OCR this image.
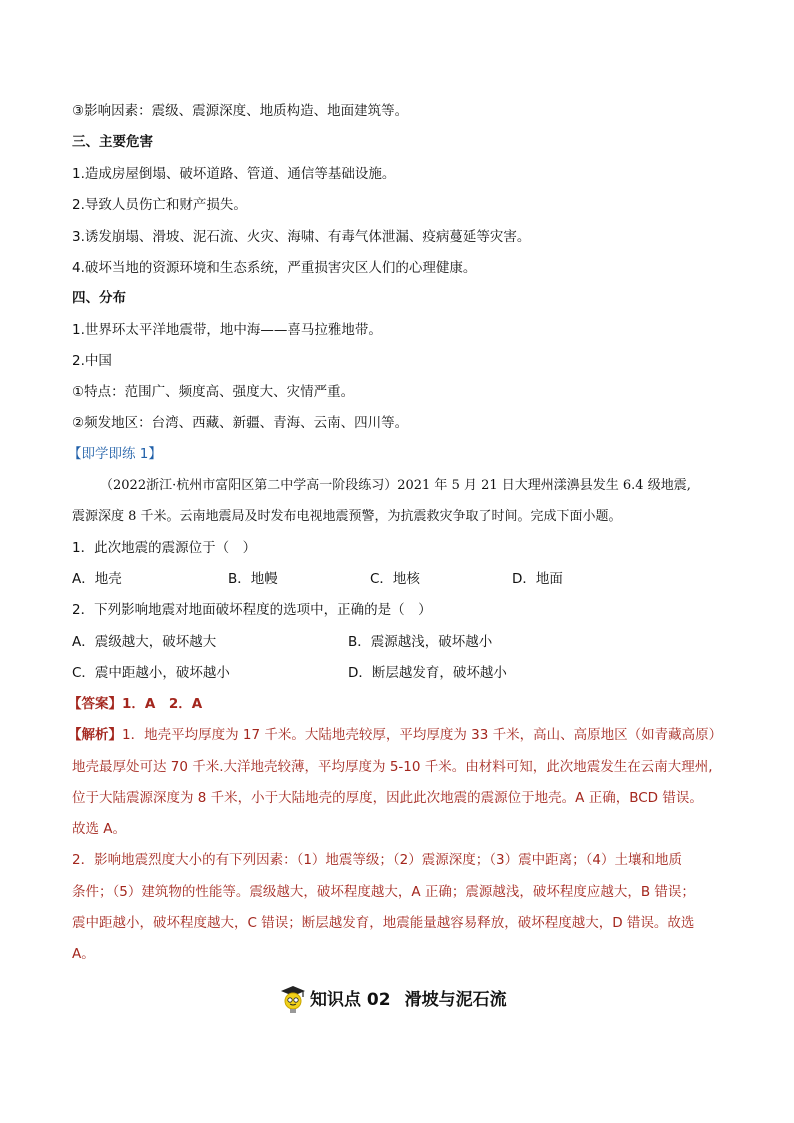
③影响因素：震级、震源深度、地质构造、地面建筑等。
三、主要危害
1.造成房屋倒塌、破坏道路、管道、通信等基础设施。
2.导致人员伤亡和财产损失。
3.诱发崩塌、滑坡、泥石流、火灾、海啸、有毒气体泄漏、疫病蔓延等灾害。
4.破坏当地的资源环境和生态系统，严重损害灾区人们的心理健康。
四、分布
1.世界环太平洋地震带，地中海——喜马拉雅地带。
2.中国
①特点：范围广、频度高、强度大、灾情严重。
②频发地区：台湾、西藏、新疆、青海、云南、四川等。
【即学即练 1】
（2022浙江·杭州市富阳区第二中学高一阶段练习）2021 年 5 月 21 日大理州漾濞县发生 6.4 级地震,
震源深度 8 千米。云南地震局及时发布电视地震预警，为抗震救灾争取了时间。完成下面小题。
1．此次地震的震源位于（　）
A．地壳	B．地幔	C．地核	D．地面
2．下列影响地震对地面破坏程度的选项中，正确的是（　）
A．震级越大，破坏越大	B．震源越浅，破坏越小
C．震中距越小，破坏越小	D．断层越发育，破坏越小
【答案】1．A　2．A
【解析】1．地壳平均厚度为 17 千米。大陆地壳较厚，平均厚度为 33 千米，高山、高原地区（如青藏高原）
地壳最厚处可达 70 千米.大洋地壳较薄，平均厚度为 5-10 千米。由材料可知，此次地震发生在云南大理州,
位于大陆震源深度为 8 千米，小于大陆地壳的厚度，因此此次地震的震源位于地壳。A 正确，BCD 错误。
故选 A。
2．影响地震烈度大小的有下列因素：（1）地震等级；（2）震源深度；（3）震中距离；（4）土壤和地质
条件；（5）建筑物的性能等。震级越大，破坏程度越大，A 正确；震源越浅，破坏程度应越大，B 错误；
震中距越小，破坏程度越大，C 错误；断层越发育，地震能量越容易释放，破坏程度越大，D 错误。故选
A。
知识点 02 滑坡与泥石流
